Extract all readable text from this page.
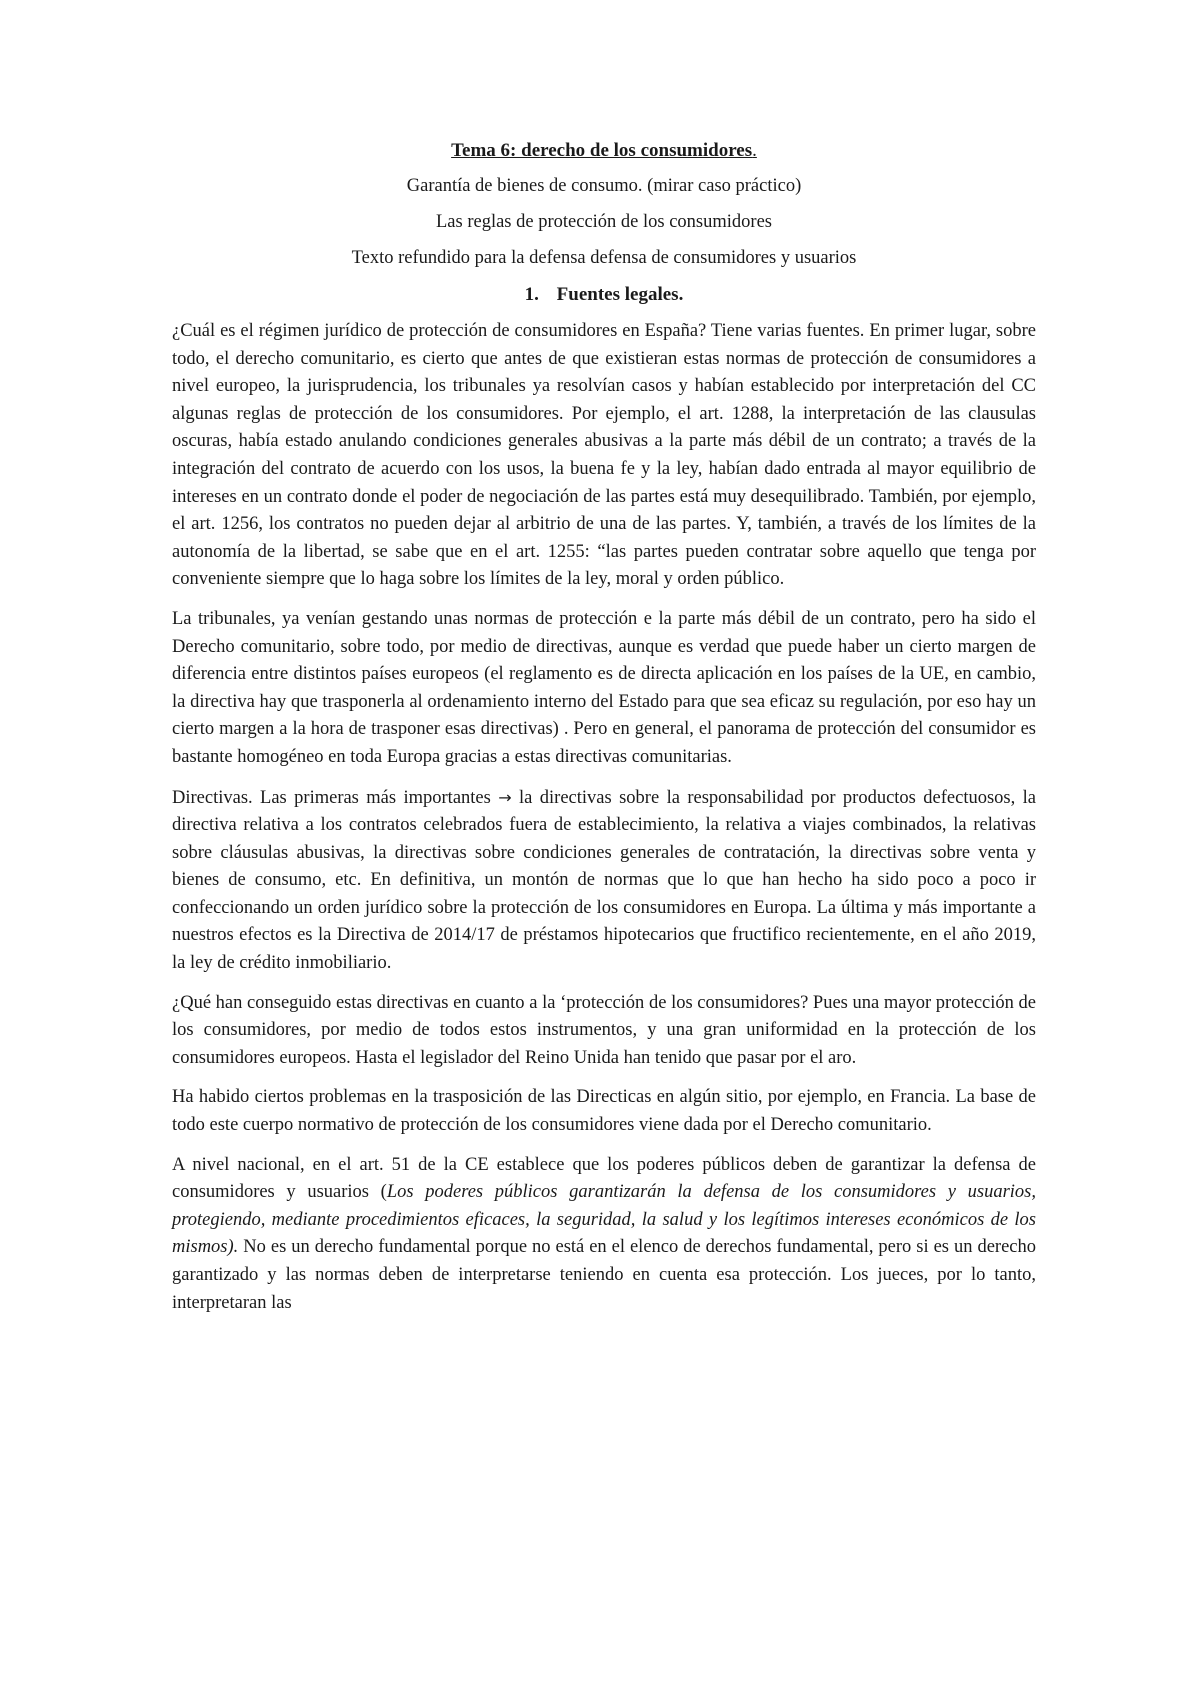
Tema 6: derecho de los consumidores.

Garantía de bienes de consumo. (mirar caso práctico)

Las reglas de protección de los consumidores

Texto refundido para la defensa defensa de consumidores y usuarios

1. Fuentes legales.

¿Cuál es el régimen jurídico de protección de consumidores en España? Tiene varias fuentes. En primer lugar, sobre todo, el derecho comunitario, es cierto que antes de que existieran estas normas de protección de consumidores a nivel europeo, la jurisprudencia, los tribunales ya resolvían casos y habían establecido por interpretación del CC algunas reglas de protección de los consumidores. Por ejemplo, el art. 1288, la interpretación de las clausulas oscuras, había estado anulando condiciones generales abusivas a la parte más débil de un contrato; a través de la integración del contrato de acuerdo con los usos, la buena fe y la ley, habían dado entrada al mayor equilibrio de intereses en un contrato donde el poder de negociación de las partes está muy desequilibrado. También, por ejemplo, el art. 1256, los contratos no pueden dejar al arbitrio de una de las partes. Y, también, a través de los límites de la autonomía de la libertad, se sabe que en el art. 1255: “las partes pueden contratar sobre aquello que tenga por conveniente siempre que lo haga sobre los límites de la ley, moral y orden público.

La tribunales, ya venían gestando unas normas de protección e la parte más débil de un contrato, pero ha sido el Derecho comunitario, sobre todo, por medio de directivas, aunque es verdad que puede haber un cierto margen de diferencia entre distintos países europeos (el reglamento es de directa aplicación en los países de la UE, en cambio, la directiva hay que trasponerla al ordenamiento interno del Estado para que sea eficaz su regulación, por eso hay un cierto margen a la hora de trasponer esas directivas) . Pero en general, el panorama de protección del consumidor es bastante homogéneo en toda Europa gracias a estas directivas comunitarias.

Directivas. Las primeras más importantes → la directivas sobre la responsabilidad por productos defectuosos, la directiva relativa a los contratos celebrados fuera de establecimiento, la relativa a viajes combinados, la relativas sobre cláusulas abusivas, la directivas sobre condiciones generales de contratación, la directivas sobre venta y bienes de consumo, etc. En definitiva, un montón de normas que lo que han hecho ha sido poco a poco ir confeccionando un orden jurídico sobre la protección de los consumidores en Europa. La última y más importante a nuestros efectos es la Directiva de 2014/17 de préstamos hipotecarios que fructifico recientemente, en el año 2019, la ley de crédito inmobiliario.

¿Qué han conseguido estas directivas en cuanto a la ‘protección de los consumidores? Pues una mayor protección de los consumidores, por medio de todos estos instrumentos, y una gran uniformidad en la protección de los consumidores europeos. Hasta el legislador del Reino Unida han tenido que pasar por el aro.

Ha habido ciertos problemas en la trasposición de las Directicas en algún sitio, por ejemplo, en Francia. La base de todo este cuerpo normativo de protección de los consumidores viene dada por el Derecho comunitario.

A nivel nacional, en el art. 51 de la CE establece que los poderes públicos deben de garantizar la defensa de consumidores y usuarios (Los poderes públicos garantizarán la defensa de los consumidores y usuarios, protegiendo, mediante procedimientos eficaces, la seguridad, la salud y los legítimos intereses económicos de los mismos). No es un derecho fundamental porque no está en el elenco de derechos fundamental, pero si es un derecho garantizado y las normas deben de interpretarse teniendo en cuenta esa protección. Los jueces, por lo tanto, interpretaran las
